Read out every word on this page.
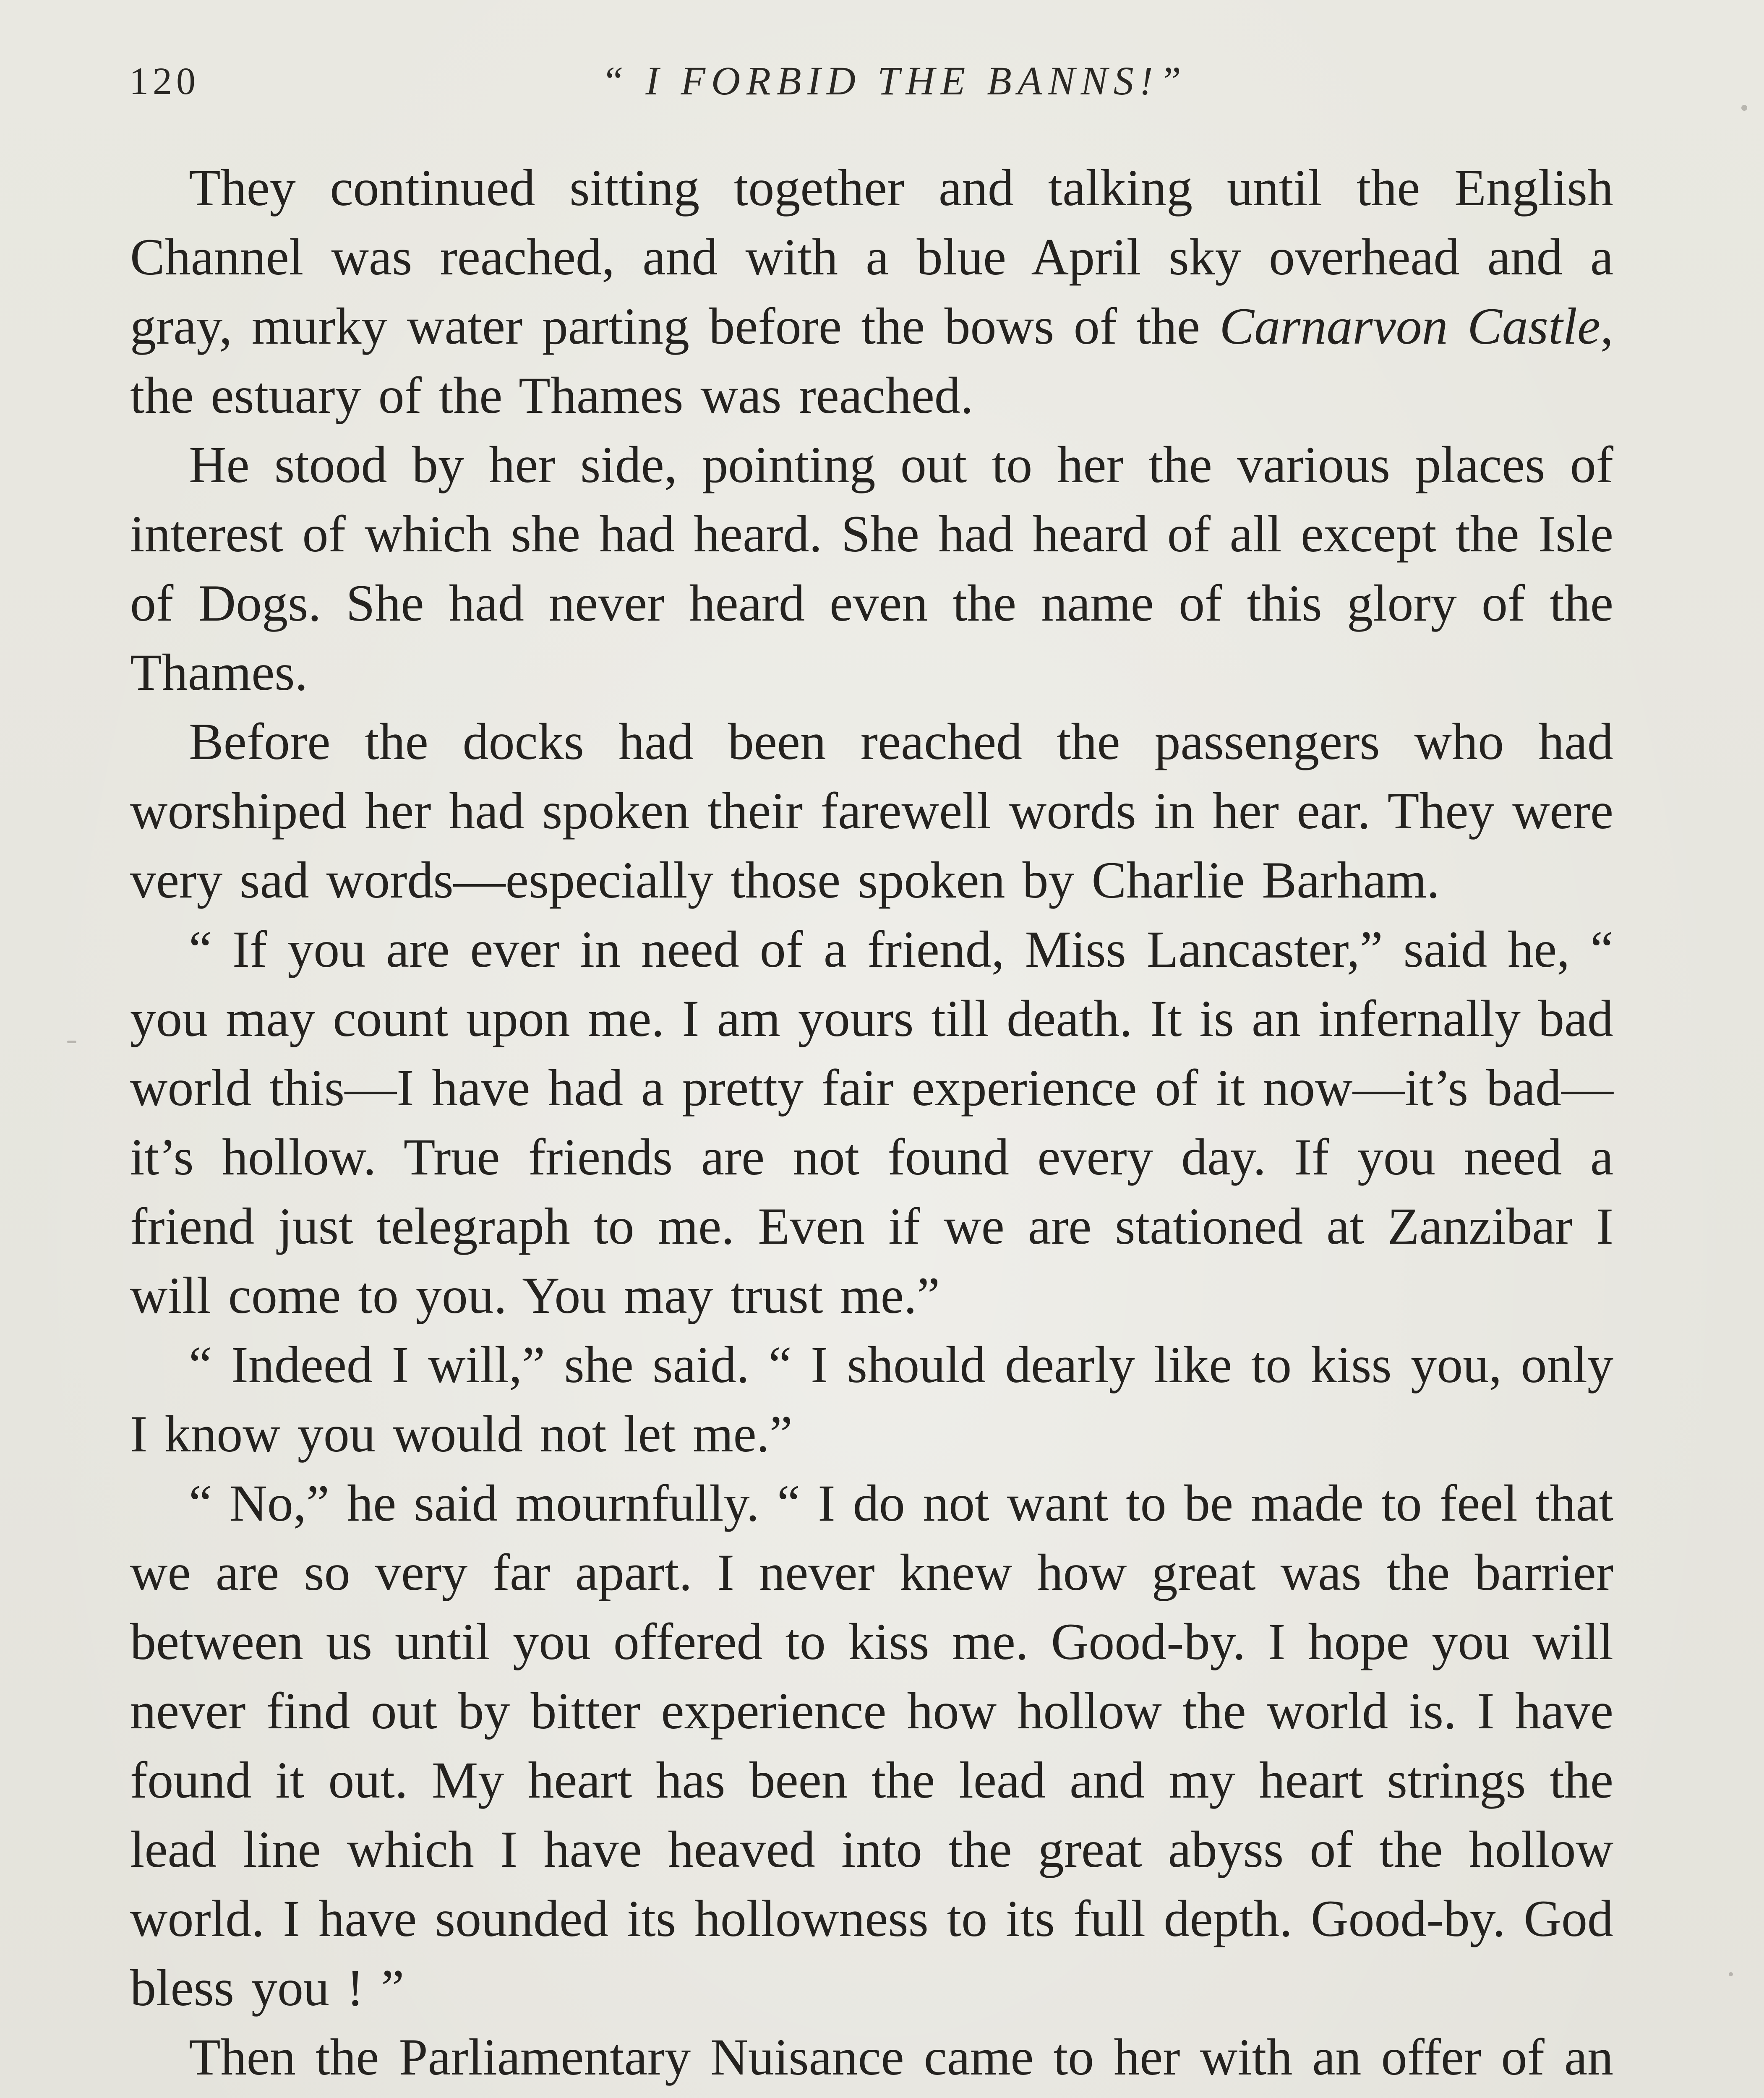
120	“ I FORBID THE BANNS!”

They continued sitting together and talking until the English Channel was reached, and with a blue April sky overhead and a gray, murky water parting before the bows of the Carnarvon Castle, the estuary of the Thames was reached.

He stood by her side, pointing out to her the various places of interest of which she had heard. She had heard of all except the Isle of Dogs. She had never heard even the name of this glory of the Thames.

Before the docks had been reached the passengers who had worshiped her had spoken their farewell words in her ear. They were very sad words—especially those spoken by Charlie Barham.

“ If you are ever in need of a friend, Miss Lancaster,” said he, “ you may count upon me. I am yours till death. It is an infernally bad world this—I have had a pretty fair experience of it now—it’s bad—it’s hollow. True friends are not found every day. If you need a friend just telegraph to me. Even if we are stationed at Zanzibar I will come to you. You may trust me.”

“ Indeed I will,” she said. “ I should dearly like to kiss you, only I know you would not let me.”

“ No,” he said mournfully. “ I do not want to be made to feel that we are so very far apart. I never knew how great was the barrier between us until you offered to kiss me. Good-by. I hope you will never find out by bitter experience how hollow the world is. I have found it out. My heart has been the lead and my heart strings the lead line which I have heaved into the great abyss of the hollow world. I have sounded its hollowness to its full depth. Good-by. God bless you ! ”

Then the Parliamentary Nuisance came to her with an offer of an
